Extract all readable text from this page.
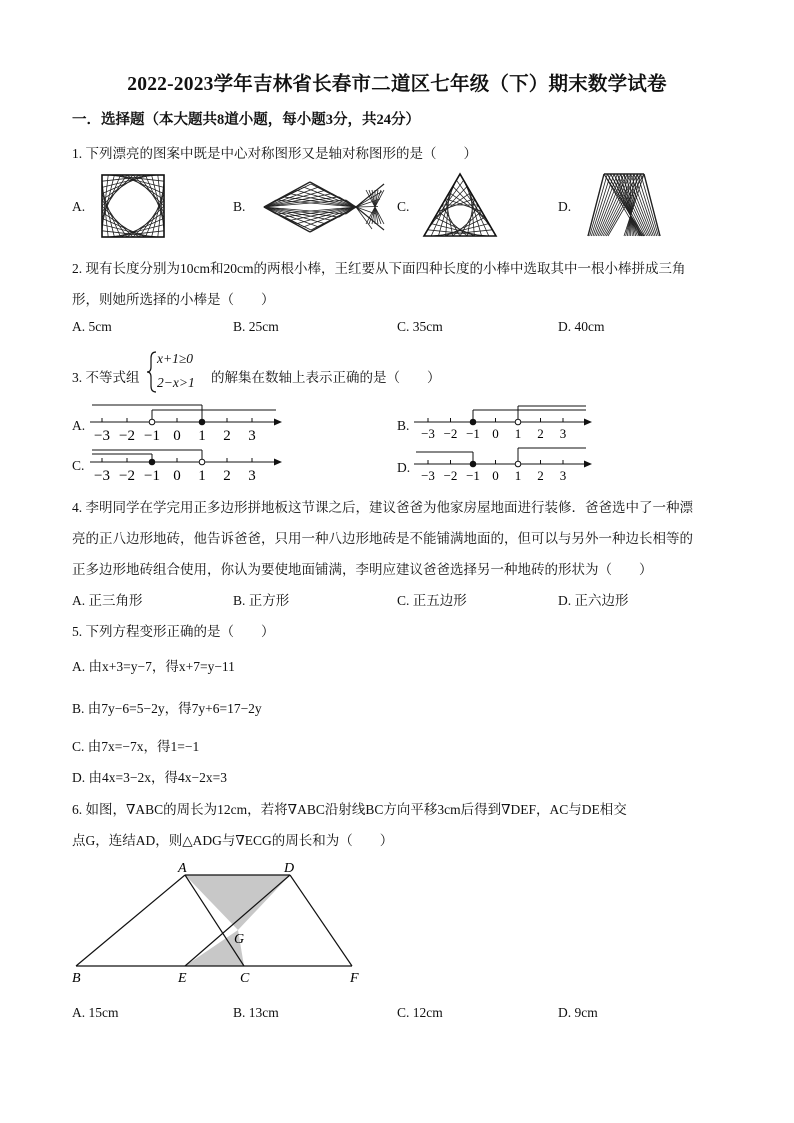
2022-2023学年吉林省长春市二道区七年级（下）期末数学试卷
一．选择题（本大题共8道小题，每小题3分，共24分）
1. 下列漂亮的图案中既是中心对称图形又是轴对称图形的是（　　）
A.	B.	C.	D.
2. 现有长度分别为10cm和20cm的两根小棒，王红要从下面四种长度的小棒中选取其中一根小棒拼成三角
形，则她所选择的小棒是（　　）
A. 5cm	B. 25cm	C. 35cm	D. 40cm
3. 不等式组
x+1≥0
2−x>1 的解集在数轴上表示正确的是（　　）
A.
−3 −2 −1 0 1 2 3
B.
−3 −2 −1 0 1 2 3
C.
−3 −2 −1 0 1 2 3
D.
−3 −2 −1 0 1 2 3
4. 李明同学在学完用正多边形拼地板这节课之后，建议爸爸为他家房屋地面进行装修．爸爸选中了一种漂
亮的正八边形地砖，他告诉爸爸，只用一种八边形地砖是不能铺满地面的，但可以与另外一种边长相等的
正多边形地砖组合使用，你认为要使地面铺满，李明应建议爸爸选择另一种地砖的形状为（　　）
A. 正三角形	B. 正方形	C. 正五边形	D. 正六边形
5. 下列方程变形正确的是（　　）
A. 由x+3=y−7，得x+7=y−11
B. 由7y−6=5−2y，得7y+6=17−2y
C. 由7x=−7x，得1=−1
D. 由4x=3−2x，得4x−2x=3
6. 如图，∇ABC的周长为12cm，若将∇ABC沿射线BC方向平移3cm后得到∇DEF，AC与DE相交
点G，连结AD，则△ADG与∇ECG的周长和为（　　）
A	D
G
B	E	C	F
A. 15cm	B. 13cm	C. 12cm	D. 9cm
